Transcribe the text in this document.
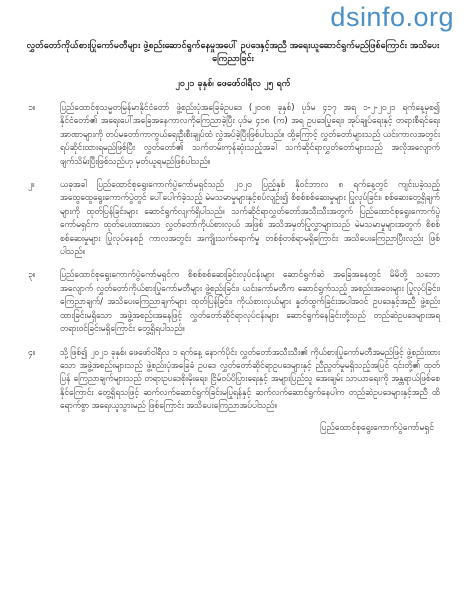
dsinfo.org

လွှတ်တော်ကိုယ်စားပြုကော်မတီများ ဖွဲ့စည်းဆောင်ရွက်နေမှုအပေါ် ဥပဒေနှင့်အညီ အရေးယူဆောင်ရွက်မည်ဖြစ်ကြောင်း အသိပေးကြေညာခြင်း

၂၀၂၁ ခုနှစ်၊ ဖေဖော်ဝါရီလ ၂၅ ရက်

၁။	ပြည်ထောင်စုသမ္မတမြန်မာနိုင်ငံတော် ဖွဲ့စည်းပုံအခြေခံဥပဒေ (၂၀၀၈ ခုနှစ်) ပုဒ်မ ၄၁၇ အရ ၁-၂-၂၀၂၁ ရက်နေ့မှစ၍ နိုင်ငံတော်၏ အရေးပေါ်အခြေအနေကာလကိုကြေညာခဲ့ပြီး ပုဒ်မ ၄၁၈ (က) အရ ဥပဒေပြုရေး၊ အုပ်ချုပ်ရေးနှင့် တရားစီရင်ရေးအာဏာများကို တပ်မတော်ကာကွယ်ရေးဦးစီးချုပ်ထံ လွှဲအပ်ခဲ့ပြီးဖြစ်ပါသည်။ ထို့ကြောင့် လွှတ်တော်များသည် ယင်းကာလအတွင်း ရပ်ဆိုင်းထားရမည်ဖြစ်ပြီး လွှတ်တော်၏ သက်တမ်းကုန်ဆုံးသည့်အခါ သက်ဆိုင်ရာလွှတ်တော်များသည် အလိုအလျောက် ဖျက်သိမ်းပြီးဖြစ်သည်ဟု မှတ်ယူရမည်ဖြစ်ပါသည်။
၂။	ယခုအခါ ပြည်ထောင်စုရွေးကောက်ပွဲကော်မရှင်သည် ၂၀၂၀ ပြည့်နှစ် နိုဝင်ဘာလ ၈ ရက်နေ့တွင် ကျင်းပခဲ့သည့် အထွေထွေရွေးကောက်ပွဲတွင် ပေါ်ပေါက်ခဲ့သည့် မဲမသမာမှုများနှင့်စပ်လျဉ်း၍ စိစစ်စစ်ဆေးမှုများ ပြုလုပ်ခြင်း၊ စစ်ဆေးတွေ့ရှိချက်များကို ထုတ်ပြန်ခြင်းများ ဆောင်ရွက်လျက်ရှိပါသည်။ သက်ဆိုင်ရာလွှတ်တော်အသီးသီးအတွက် ပြည်ထောင်စုရွေးကောက်ပွဲကော်မရှင်က ထုတ်ပေးထားသော လွှတ်တော်ကိုယ်စားလှယ် အဖြစ် အသိအမှတ်ပြုလွှာများသည် မဲမသမာမှုများအတွက် စိစစ်စစ်ဆေးမှုများ ပြုလုပ်နေစဉ် ကာလအတွင်း အကျိုးသက်ရောက်မှု တစ်စုံတစ်ရာမရှိကြောင်း အသိပေးကြေညာပြီးလည်း ဖြစ်ပါသည်။
၃။	ပြည်ထောင်စုရွေးကောက်ပွဲကော်မရှင်က စိစစ်စစ်ဆေးခြင်းလုပ်ငန်းများ ဆောင်ရွက်ဆဲ အခြေအနေတွင် မိမိတို့ သဘောအလျောက် လွှတ်တော်ကိုယ်စားပြုကော်မတီများ ဖွဲ့စည်းခြင်း၊ ယင်းကော်မတီက ဆောင်ရွက်သည့် အစည်းအဝေးများ ပြုလုပ်ခြင်း၊ ကြေညာချက်/ အသိပေးကြေညာချက်များ ထုတ်ပြန်ခြင်း၊ ကိုယ်စားလှယ်များ နှုတ်ထွက်ခြင်းအပါအဝင် ဥပဒေနှင့်အညီ ဖွဲ့စည်းထားခြင်းမရှိသော အဖွဲ့အစည်းအနေဖြင့် လွှတ်တော်ဆိုင်ရာလုပ်ငန်းများ ဆောင်ရွက်နေခြင်းတို့သည် တည်ဆဲဥပဒေများအရ တရားဝင်ခြင်းမရှိကြောင်း တွေ့ရှိရပါသည်။
၄။	သို့ဖြစ်၍ ၂၀၂၁ ခုနှစ်၊ ဖေဖော်ဝါရီလ ၁ ရက်နေ့ နောက်ပိုင်း လွှတ်တော်အသီးသီး၏ ကိုယ်စားပြုကော်မတီအမည်ဖြင့် ဖွဲ့စည်းထားသော အဖွဲ့အစည်းများသည် ဖွဲ့စည်းပုံအခြေခံ ဥပဒေ လွှတ်တော်ဆိုင်ရာဥပဒေများနှင့် ညီညွတ်မှုမရှိသည့်အပြင် ၎င်းတို့၏ ထုတ်ပြန် ကြေညာချက်များသည် တရားဥပဒေစိုးမိုးရေး၊ ငြိမ်ဝပ်ပိပြားရေးနှင့် အများပြည်သူ အေးချမ်း သာယာရေးကို အန္တရာယ်ဖြစ်စေနိုင်ကြောင်း တွေ့ရှိရသဖြင့် ဆက်လက်ဆောင်ရွက်ခြင်းမပြုရန်နှင့် ဆက်လက်ဆောင်ရွက်နေပါက တည်ဆဲဥပဒေများနှင့်အညီ ထိရောက်စွာ အရေးယူသွားမည် ဖြစ်ကြောင်း အသိပေးကြေညာအပ်ပါသည်။
ပြည်ထောင်စုရွေးကောက်ပွဲကော်မရှင်
